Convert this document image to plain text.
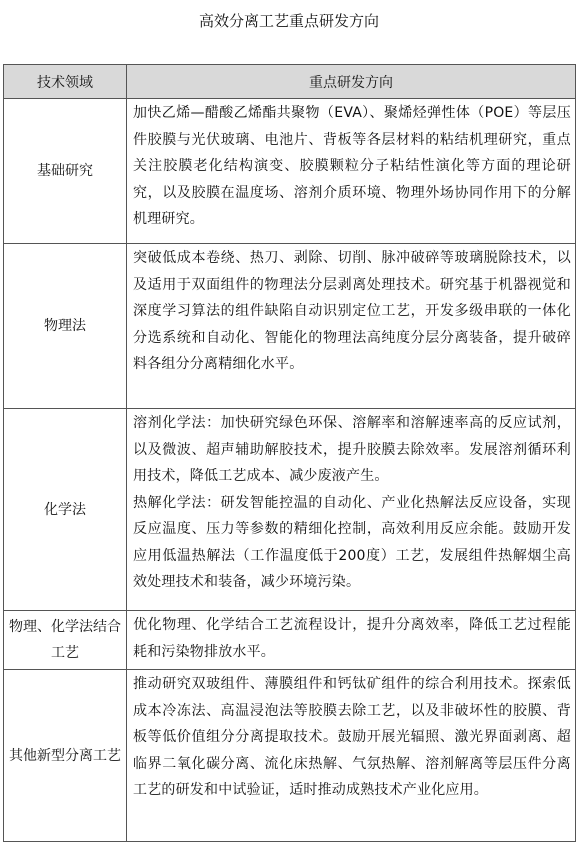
高效分离工艺重点研发方向
技术领域	重点研发方向
基础研究	加快乙烯—醋酸乙烯酯共聚物（EVA）、聚烯烃弹性体（POE）等层压件胶膜与光伏玻璃、电池片、背板等各层材料的粘结机理研究，重点关注胶膜老化结构演变、胶膜颗粒分子粘结性演化等方面的理论研究，以及胶膜在温度场、溶剂介质环境、物理外场协同作用下的分解机理研究。

物理法	突破低成本卷绕、热刀、剥除、切削、脉冲破碎等玻璃脱除技术，以及适用于双面组件的物理法分层剥离处理技术。研究基于机器视觉和深度学习算法的组件缺陷自动识别定位工艺，开发多级串联的一体化分选系统和自动化、智能化的物理法高纯度分层分离装备，提升破碎料各组分分离精细化水平。

化学法	溶剂化学法：加快研究绿色环保、溶解率和溶解速率高的反应试剂，以及微波、超声辅助解胶技术，提升胶膜去除效率。发展溶剂循环利用技术，降低工艺成本、减少废液产生。

热解化学法：研发智能控温的自动化、产业化热解法反应设备，实现反应温度、压力等参数的精细化控制，高效利用反应余能。鼓励开发应用低温热解法（工作温度低于200度）工艺，发展组件热解烟尘高效处理技术和装备，减少环境污染。

物理、化学法结合工艺	优化物理、化学结合工艺流程设计，提升分离效率，降低工艺过程能耗和污染物排放水平。

其他新型分离工艺	推动研究双玻组件、薄膜组件和钙钛矿组件的综合利用技术。探索低成本冷冻法、高温浸泡法等胶膜去除工艺，以及非破坏性的胶膜、背板等低价值组分分离提取技术。鼓励开展光辐照、激光界面剥离、超临界二氧化碳分离、流化床热解、气氛热解、溶剂解离等层压件分离工艺的研发和中试验证，适时推动成熟技术产业化应用。
